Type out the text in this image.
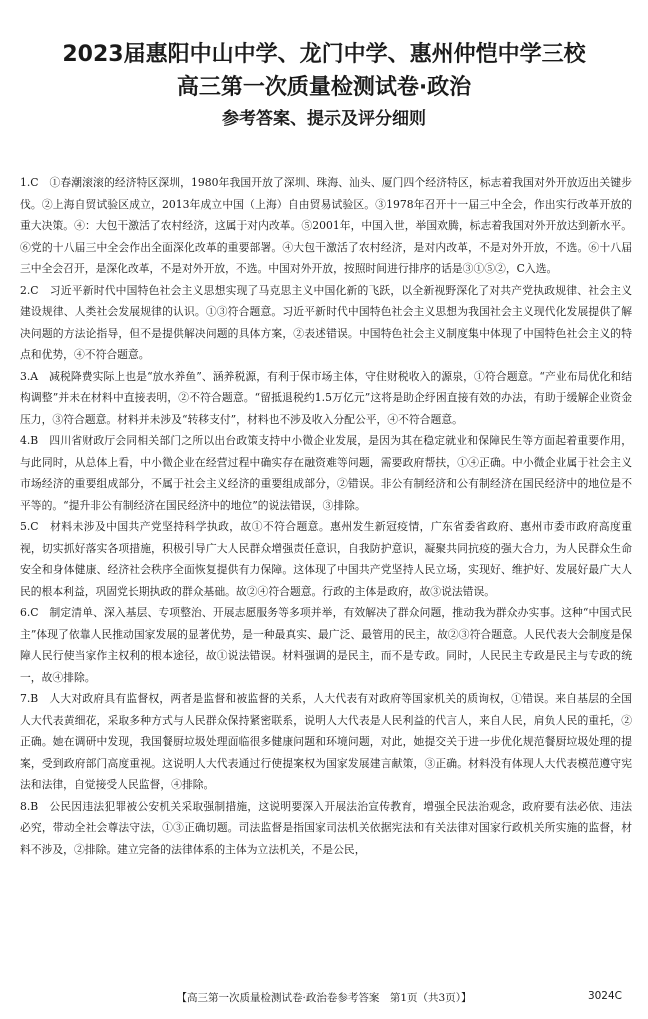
2023届惠阳中山中学、龙门中学、惠州仲恺中学三校

高三第一次质量检测试卷·政治

参考答案、提示及评分细则

1.C　①春潮滚滚的经济特区深圳，1980年我国开放了深圳、珠海、汕头、厦门四个经济特区，标志着我国对外开放迈出关键步伐。②上海自贸试验区成立，2013年成立中国（上海）自由贸易试验区。③1978年召开十一届三中全会，作出实行改革开放的重大决策。④：大包干激活了农村经济，这属于对内改革。⑤2001年，中国入世，举国欢腾，标志着我国对外开放达到新水平。⑥党的十八届三中全会作出全面深化改革的重要部署。④大包干激活了农村经济，是对内改革，不是对外开放，不选。⑥十八届三中全会召开，是深化改革，不是对外开放，不选。中国对外开放，按照时间进行排序的话是③①⑤②，C入选。

2.C　习近平新时代中国特色社会主义思想实现了马克思主义中国化新的飞跃，以全新视野深化了对共产党执政规律、社会主义建设规律、人类社会发展规律的认识。①③符合题意。习近平新时代中国特色社会主义思想为我国社会主义现代化发展提供了解决问题的方法论指导，但不是提供解决问题的具体方案，②表述错误。中国特色社会主义制度集中体现了中国特色社会主义的特点和优势，④不符合题意。

3.A　减税降费实际上也是“放水养鱼”、涵养税源，有利于保市场主体，守住财税收入的源泉，①符合题意。“产业布局优化和结构调整”并未在材料中直接表明，②不符合题意。“留抵退税约1.5万亿元”这将是助企纾困直接有效的办法，有助于缓解企业资金压力，③符合题意。材料并未涉及“转移支付”，材料也不涉及收入分配公平，④不符合题意。

4.B　四川省财政厅会同相关部门之所以出台政策支持中小微企业发展，是因为其在稳定就业和保障民生等方面起着重要作用，与此同时，从总体上看，中小微企业在经营过程中确实存在融资难等问题，需要政府帮扶，①④正确。中小微企业属于社会主义市场经济的重要组成部分，不属于社会主义经济的重要组成部分，②错误。非公有制经济和公有制经济在国民经济中的地位是不平等的。“提升非公有制经济在国民经济中的地位”的说法错误，③排除。

5.C　材料未涉及中国共产党坚持科学执政，故①不符合题意。惠州发生新冠疫情，广东省委省政府、惠州市委市政府高度重视，切实抓好落实各项措施，积极引导广大人民群众增强责任意识，自我防护意识，凝聚共同抗疫的强大合力，为人民群众生命安全和身体健康、经济社会秩序全面恢复提供有力保障。这体现了中国共产党坚持人民立场，实现好、维护好、发展好最广大人民的根本利益，巩固党长期执政的群众基础。故②④符合题意。行政的主体是政府，故③说法错误。

6.C　制定清单、深入基层、专项整治、开展志愿服务等多项并举，有效解决了群众问题，推动我为群众办实事。这种“中国式民主”体现了依靠人民推动国家发展的显著优势，是一种最真实、最广泛、最管用的民主，故②③符合题意。人民代表大会制度是保障人民行使当家作主权利的根本途径，故①说法错误。材料强调的是民主，而不是专政。同时，人民民主专政是民主与专政的统一，故④排除。

7.B　人大对政府具有监督权，两者是监督和被监督的关系，人大代表有对政府等国家机关的质询权，①错误。来自基层的全国人大代表黄细花，采取多种方式与人民群众保持紧密联系，说明人大代表是人民利益的代言人，来自人民，肩负人民的重托，②正确。她在调研中发现，我国餐厨垃圾处理面临很多健康问题和环境问题，对此，她提交关于进一步优化规范餐厨垃圾处理的提案，受到政府部门高度重视。这说明人大代表通过行使提案权为国家发展建言献策，③正确。材料没有体现人大代表模范遵守宪法和法律，自觉接受人民监督，④排除。

8.B　公民因违法犯罪被公安机关采取强制措施，这说明要深入开展法治宣传教育，增强全民法治观念，政府要有法必依、违法必究，带动全社会尊法守法，①③正确切题。司法监督是指国家司法机关依据宪法和有关法律对国家行政机关所实施的监督，材料不涉及，②排除。建立完备的法律体系的主体为立法机关，不是公民，

【高三第一次质量检测试卷·政治卷参考答案　第1页（共3页）】	3024C
